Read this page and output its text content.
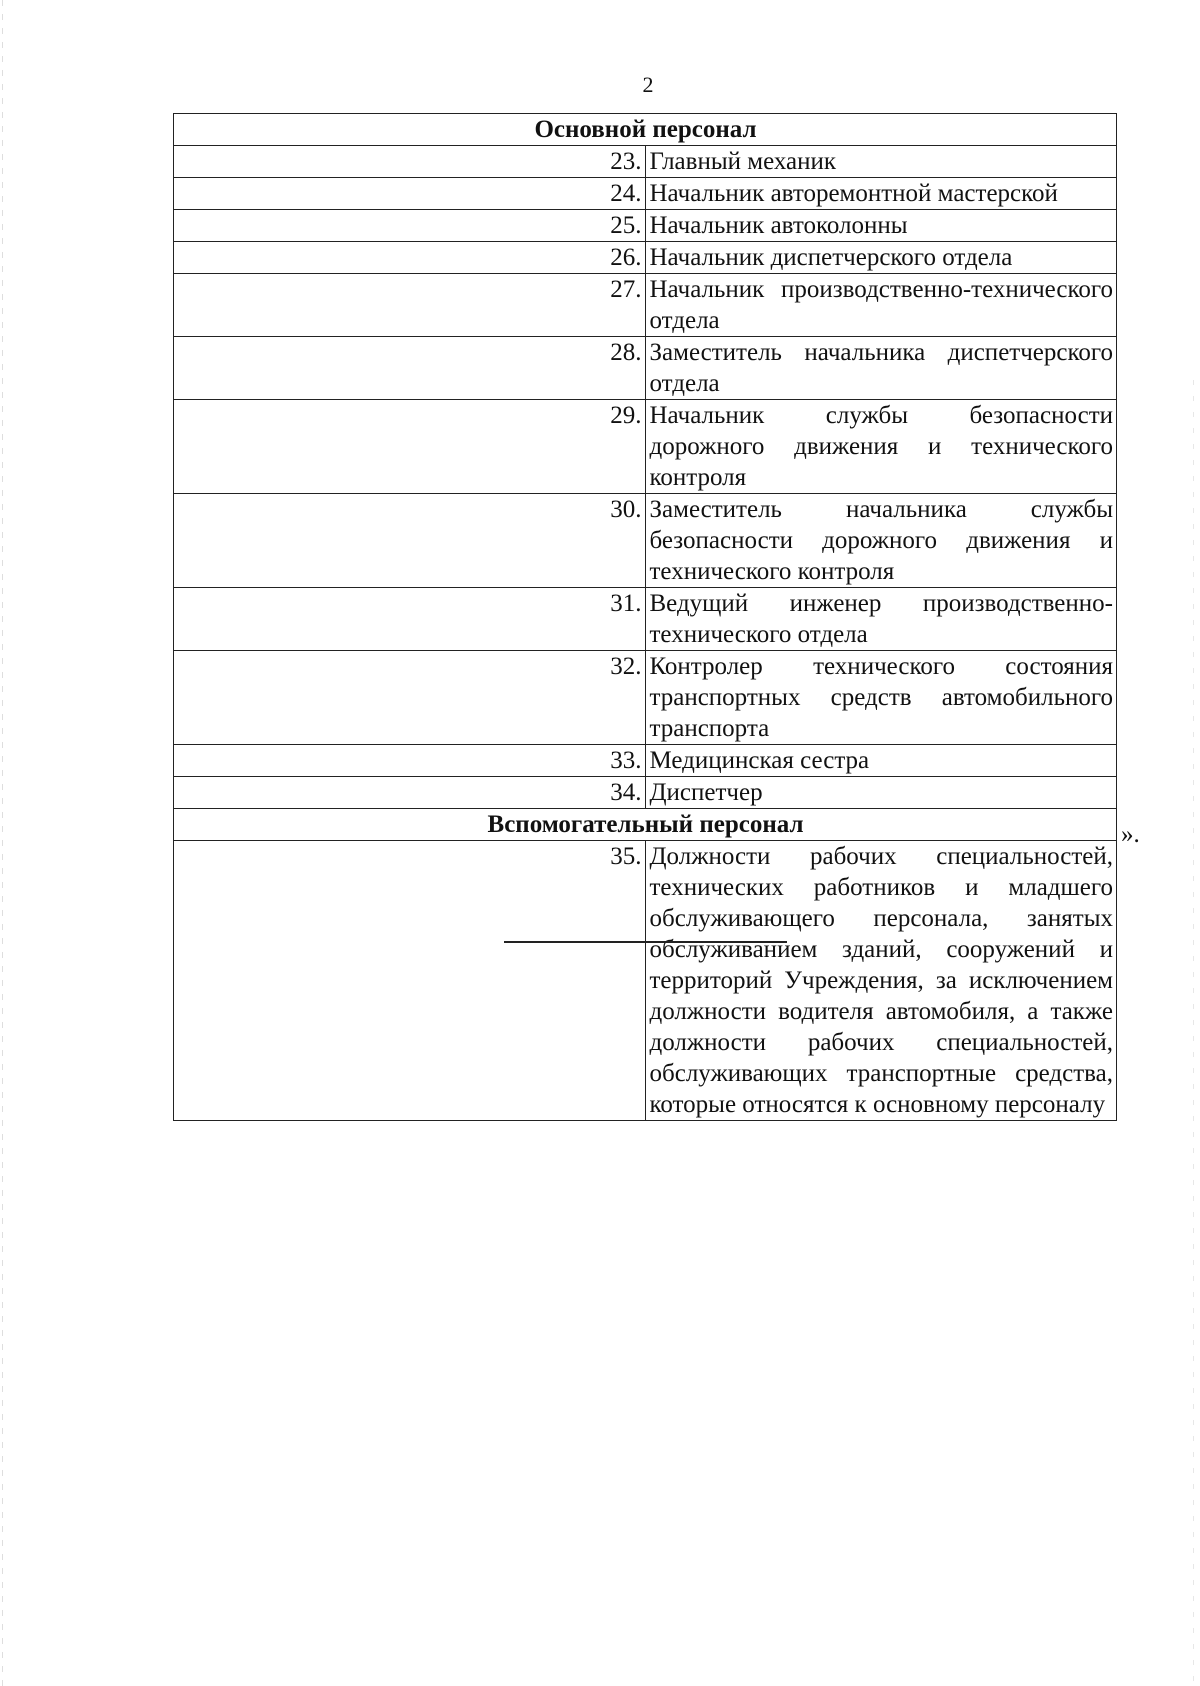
2
Основной персонал	
23.	Главный механик
24.	Начальник авторемонтной мастерской
25.	Начальник автоколонны
26.	Начальник диспетчерского отдела
27.	Начальник производственно-технического отдела
28.	Заместитель начальника диспетчерского отдела
29.	Начальник службы безопасности дорожного движения и технического контроля
30.	Заместитель начальника службы безопасности дорожного движения и технического контроля
31.	Ведущий инженер производственно-технического отдела
32.	Контролер технического состояния транспортных средств автомобильного транспорта
33.	Медицинская сестра
34.	Диспетчер
Вспомогательный персонал	
35.	Должности рабочих специальностей, технических работников и младшего обслуживающего персонала, занятых обслуживанием зданий, сооружений и территорий Учреждения, за исключением должности водителя автомобиля, а также должности рабочих специальностей, обслуживающих транспортные средства, которые относятся к основному персоналу
».
